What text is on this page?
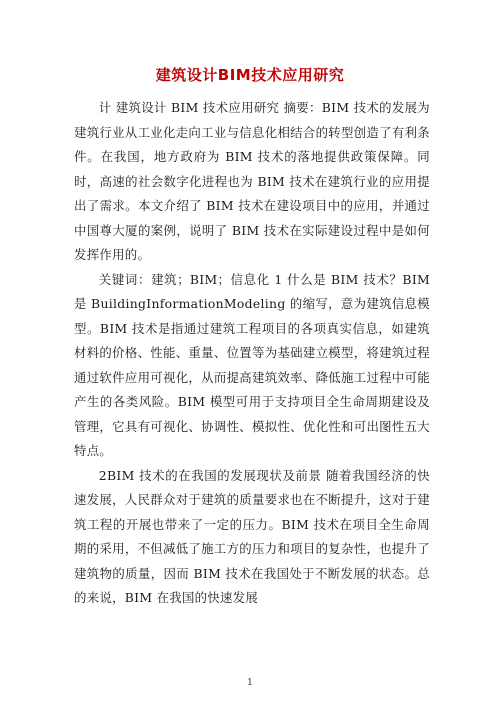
建筑设计BIM技术应用研究

计 建筑设计 BIM 技术应用研究 摘要：BIM 技术的发展为建筑行业从工业化走向工业与信息化相结合的转型创造了有利条件。在我国，地方政府为 BIM 技术的落地提供政策保障。同时，高速的社会数字化进程也为 BIM 技术在建筑行业的应用提出了需求。本文介绍了 BIM 技术在建设项目中的应用，并通过中国尊大厦的案例，说明了 BIM 技术在实际建设过程中是如何发挥作用的。

关键词：建筑；BIM；信息化 1 什么是 BIM 技术？BIM 是 BuildingInformationModeling 的缩写，意为建筑信息模型。BIM 技术是指通过建筑工程项目的各项真实信息，如建筑材料的价格、性能、重量、位置等为基础建立模型，将建筑过程通过软件应用可视化，从而提高建筑效率、降低施工过程中可能产生的各类风险。BIM 模型可用于支持项目全生命周期建设及管理，它具有可视化、协调性、模拟性、优化性和可出图性五大特点。

2BIM 技术的在我国的发展现状及前景 随着我国经济的快速发展，人民群众对于建筑的质量要求也在不断提升，这对于建筑工程的开展也带来了一定的压力。BIM 技术在项目全生命周期的采用，不但减低了施工方的压力和项目的复杂性，也提升了建筑物的质量，因而 BIM 技术在我国处于不断发展的状态。总的来说，BIM 在我国的快速发展

1
